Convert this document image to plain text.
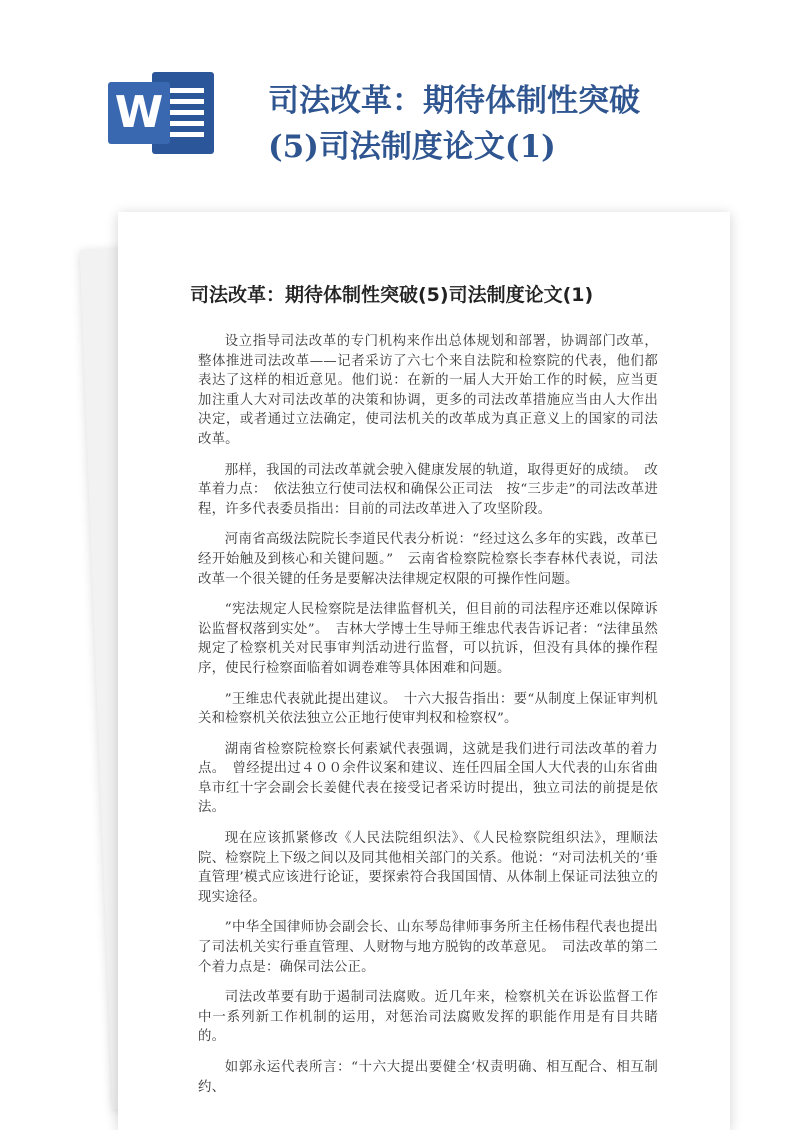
W	司法改革：期待体制性突破(5)司法制度论文(1)
司法改革：期待体制性突破(5)司法制度论文(1)

设立指导司法改革的专门机构来作出总体规划和部署，协调部门改革，整体推进司法改革——记者采访了六七个来自法院和检察院的代表，他们都表达了这样的相近意见。他们说：在新的一届人大开始工作的时候，应当更加注重人大对司法改革的决策和协调，更多的司法改革措施应当由人大作出决定，或者通过立法确定，使司法机关的改革成为真正意义上的国家的司法改革。

那样，我国的司法改革就会驶入健康发展的轨道，取得更好的成绩。　改革着力点：　依法独立行使司法权和确保公正司法　按“三步走”的司法改革进程，许多代表委员指出：目前的司法改革进入了攻坚阶段。

河南省高级法院院长李道民代表分析说：“经过这么多年的实践，改革已经开始触及到核心和关键问题。”　云南省检察院检察长李春林代表说，司法改革一个很关键的任务是要解决法律规定权限的可操作性问题。

“宪法规定人民检察院是法律监督机关，但目前的司法程序还难以保障诉讼监督权落到实处”。　吉林大学博士生导师王维忠代表告诉记者：“法律虽然规定了检察机关对民事审判活动进行监督，可以抗诉，但没有具体的操作程序，使民行检察面临着如调卷难等具体困难和问题。

”王维忠代表就此提出建议。　十六大报告指出：要“从制度上保证审判机关和检察机关依法独立公正地行使审判权和检察权”。

湖南省检察院检察长何素斌代表强调，这就是我们进行司法改革的着力点。　曾经提出过４００余件议案和建议、连任四届全国人大代表的山东省曲阜市红十字会副会长姜健代表在接受记者采访时提出，独立司法的前提是依法。

现在应该抓紧修改《人民法院组织法》、《人民检察院组织法》，理顺法院、检察院上下级之间以及同其他相关部门的关系。他说：“对司法机关的‘垂直管理’模式应该进行论证，要探索符合我国国情、从体制上保证司法独立的现实途径。

”中华全国律师协会副会长、山东琴岛律师事务所主任杨伟程代表也提出了司法机关实行垂直管理、人财物与地方脱钩的改革意见。　司法改革的第二个着力点是：确保司法公正。

司法改革要有助于遏制司法腐败。近几年来，检察机关在诉讼监督工作中一系列新工作机制的运用，对惩治司法腐败发挥的职能作用是有目共睹的。

如郭永运代表所言：“十六大提出要健全‘权责明确、相互配合、相互制约、
